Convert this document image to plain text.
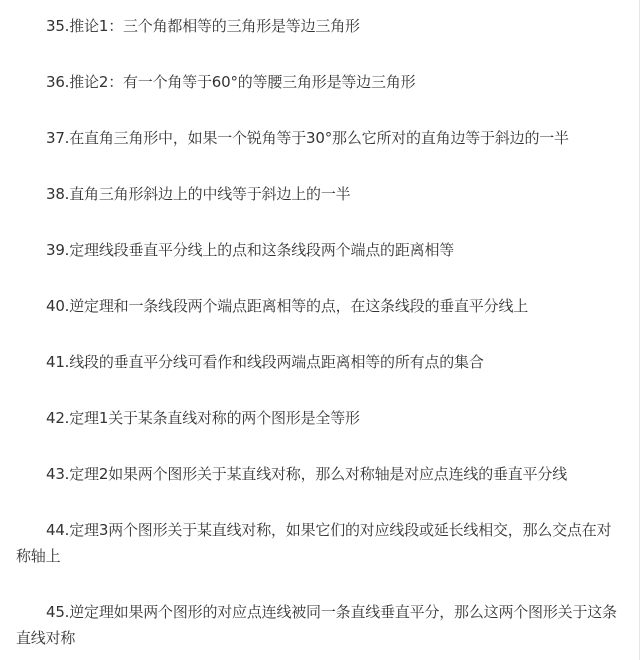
35.推论1：三个角都相等的三角形是等边三角形

36.推论2：有一个角等于60°的等腰三角形是等边三角形

37.在直角三角形中，如果一个锐角等于30°那么它所对的直角边等于斜边的一半

38.直角三角形斜边上的中线等于斜边上的一半

39.定理线段垂直平分线上的点和这条线段两个端点的距离相等

40.逆定理和一条线段两个端点距离相等的点，在这条线段的垂直平分线上

41.线段的垂直平分线可看作和线段两端点距离相等的所有点的集合

42.定理1关于某条直线对称的两个图形是全等形

43.定理2如果两个图形关于某直线对称，那么对称轴是对应点连线的垂直平分线

44.定理3两个图形关于某直线对称，如果它们的对应线段或延长线相交，那么交点在对称轴上

45.逆定理如果两个图形的对应点连线被同一条直线垂直平分，那么这两个图形关于这条直线对称
